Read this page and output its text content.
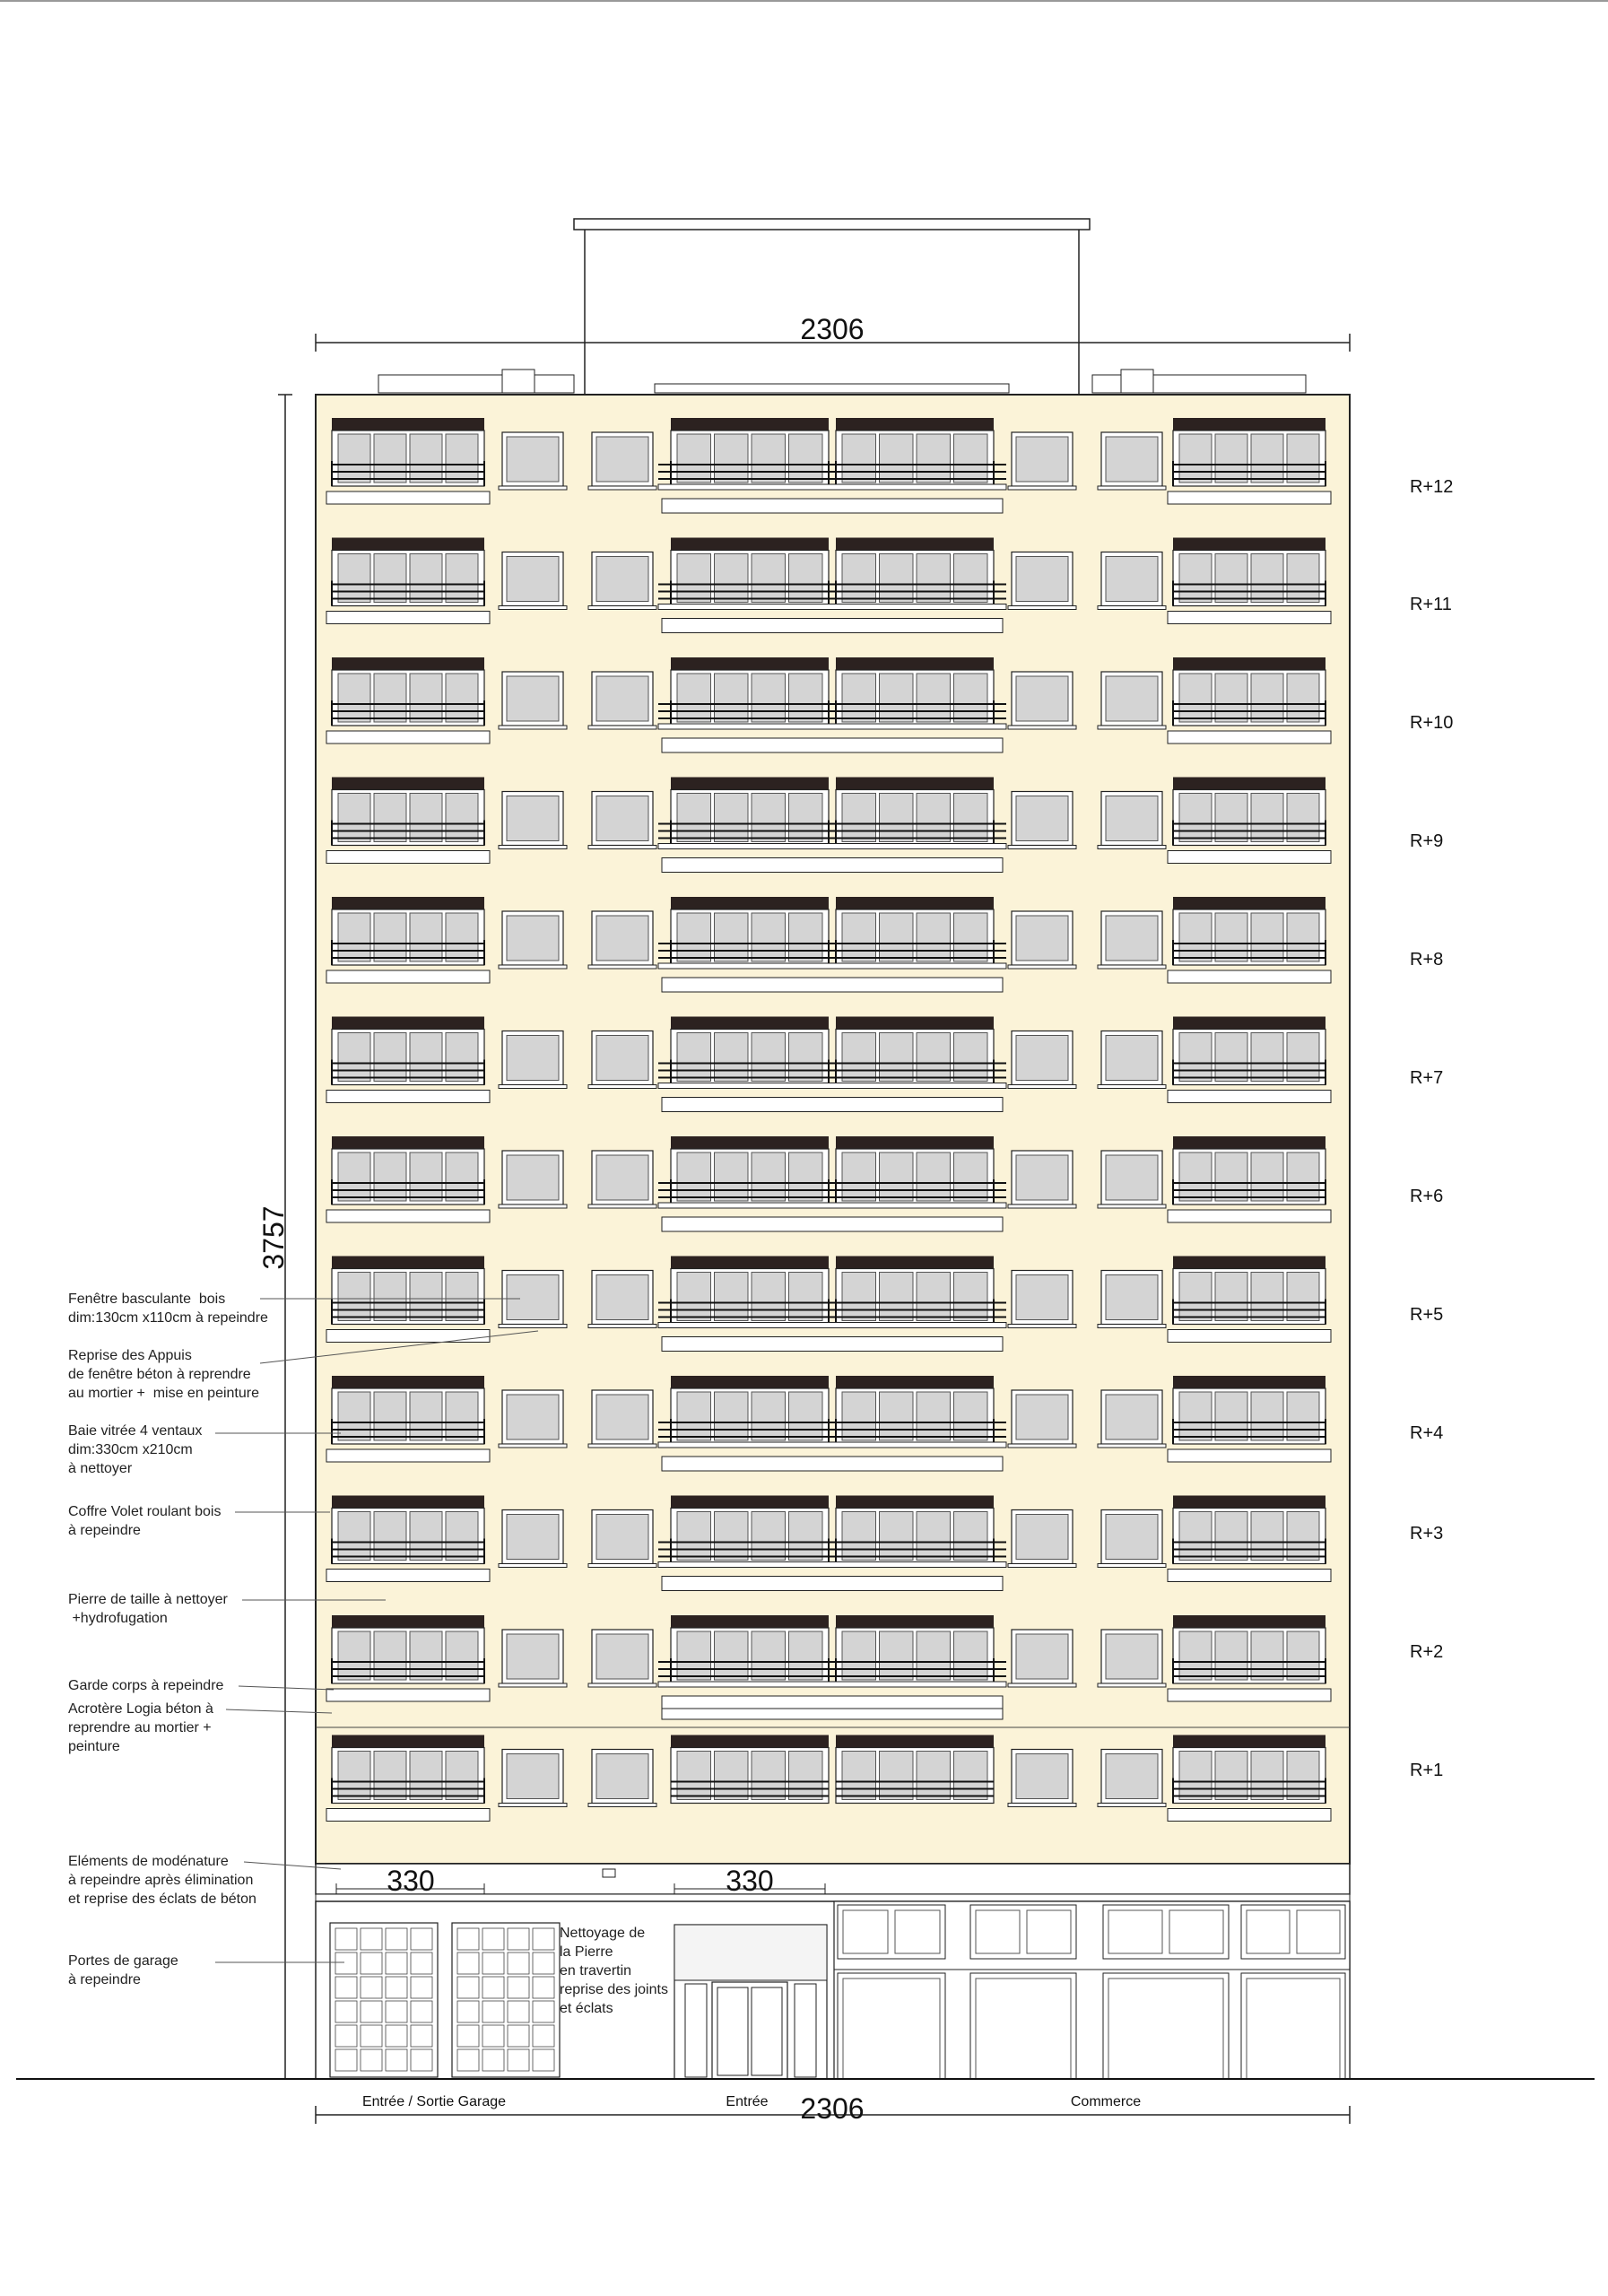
2306
3757
330	330
2306
Entrée / Sortie Garage	Entrée	Commerce
R+12
R+11
R+10
R+9
R+8
R+7
R+6
R+5
R+4
R+3
R+2
R+1
Fenêtre basculante  bois dim:130cm x110cm à repeindre
Reprise des Appuis de fenêtre béton à reprendre au mortier +  mise en peinture
Baie vitrée 4 ventaux dim:330cm x210cm à nettoyer
Coffre Volet roulant bois à repeindre
Pierre de taille à nettoyer +hydrofugation
Garde corps à repeindre
Acrotère Logia béton à reprendre au mortier + peinture
Eléments de modénature à repeindre après élimination et reprise des éclats de béton
Portes de garage à repeindre
Nettoyage de la Pierre en travertin reprise des joints et éclats
